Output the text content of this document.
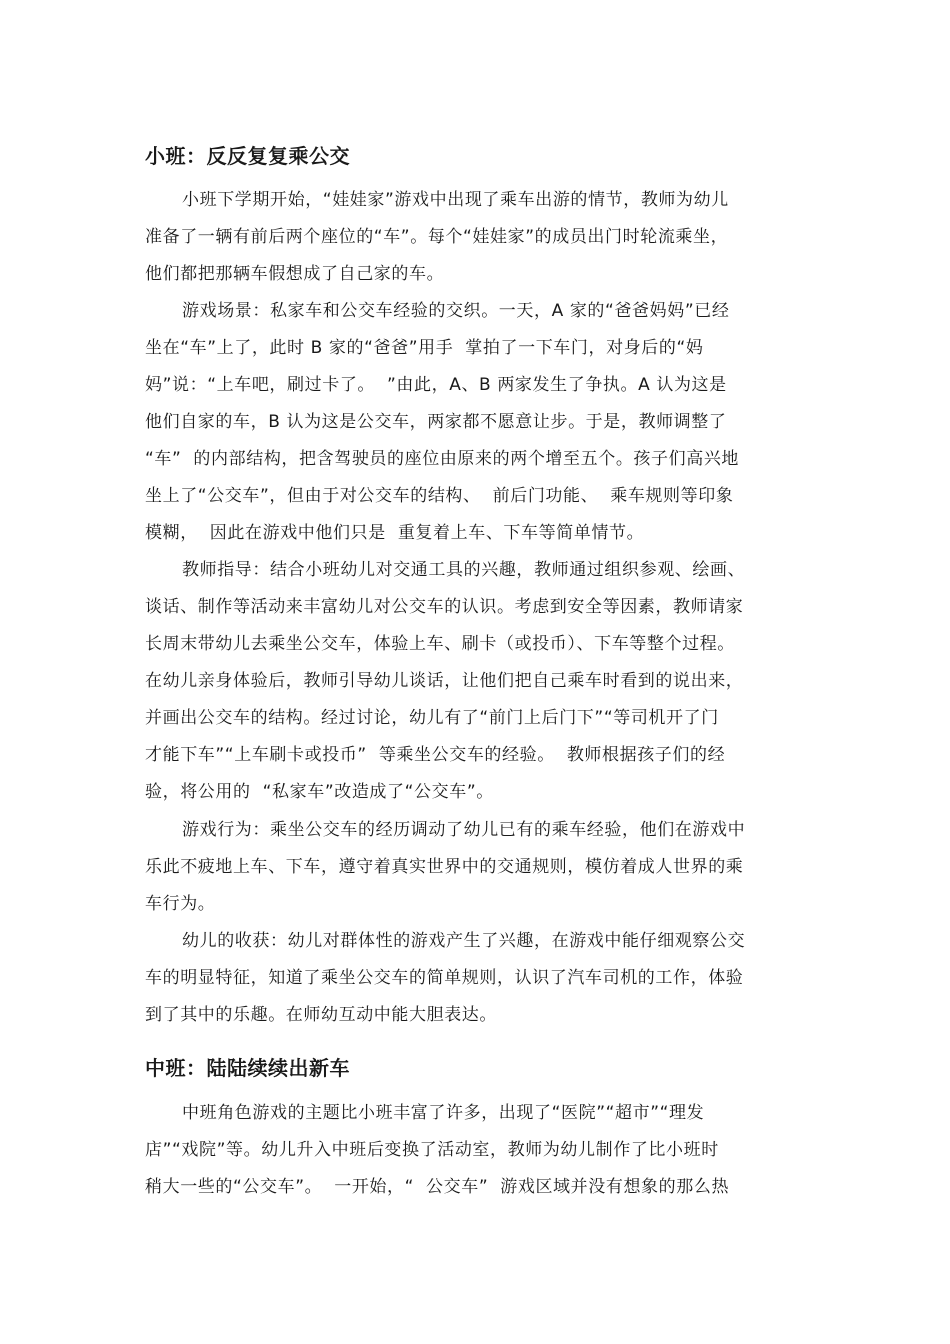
小班：反反复复乘公交

小班下学期开始，“娃娃家”游戏中出现了乘车出游的情节，教师为幼儿

准备了一辆有前后两个座位的“车”。每个“娃娃家”的成员出门时轮流乘坐，

他们都把那辆车假想成了自己家的车。

游戏场景：私家车和公交车经验的交织。一天，A 家的“爸爸妈妈”已经

坐在“车”上了，此时 B 家的“爸爸”用手  掌拍了一下车门，对身后的“妈

妈”说：“上车吧，刷过卡了。  ”由此，A、B 两家发生了争执。A 认为这是

他们自家的车，B 认为这是公交车，两家都不愿意让步。于是，教师调整了

“车”  的内部结构，把含驾驶员的座位由原来的两个增至五个。孩子们高兴地

坐上了“公交车”，但由于对公交车的结构、  前后门功能、  乘车规则等印象

模糊，  因此在游戏中他们只是  重复着上车、下车等简单情节。

教师指导：结合小班幼儿对交通工具的兴趣，教师通过组织参观、绘画、

谈话、制作等活动来丰富幼儿对公交车的认识。考虑到安全等因素，教师请家

长周末带幼儿去乘坐公交车，体验上车、刷卡（或投币）、下车等整个过程。

在幼儿亲身体验后，教师引导幼儿谈话，让他们把自己乘车时看到的说出来，

并画出公交车的结构。经过讨论，幼儿有了“前门上后门下”“等司机开了门

才能下车”“上车刷卡或投币”  等乘坐公交车的经验。  教师根据孩子们的经

验，将公用的  “私家车”改造成了“公交车”。

游戏行为：乘坐公交车的经历调动了幼儿已有的乘车经验，他们在游戏中

乐此不疲地上车、下车，遵守着真实世界中的交通规则，模仿着成人世界的乘

车行为。

幼儿的收获：幼儿对群体性的游戏产生了兴趣，在游戏中能仔细观察公交

车的明显特征，知道了乘坐公交车的简单规则，认识了汽车司机的工作，体验

到了其中的乐趣。在师幼互动中能大胆表达。

中班：陆陆续续出新车

中班角色游戏的主题比小班丰富了许多，出现了“医院”“超市”“理发

店”“戏院”等。幼儿升入中班后变换了活动室，教师为幼儿制作了比小班时

稍大一些的“公交车”。  一开始，“  公交车”  游戏区域并没有想象的那么热
